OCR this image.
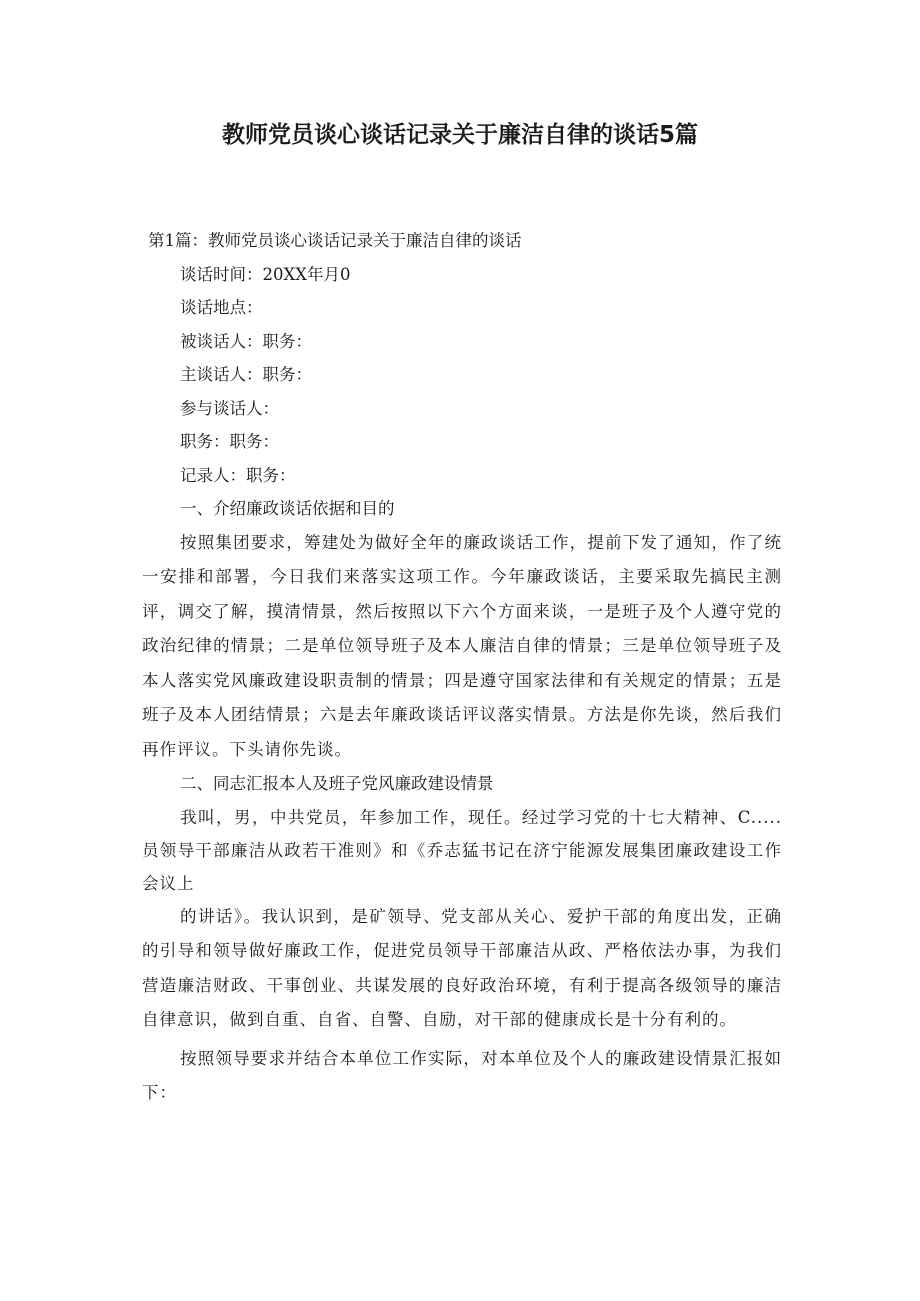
教师党员谈心谈话记录关于廉洁自律的谈话5篇

第1篇：教师党员谈心谈话记录关于廉洁自律的谈话

谈话时间：20XX年月0

谈话地点：

被谈话人：职务：

主谈话人：职务：

参与谈话人：

职务：职务：

记录人：职务：

一、介绍廉政谈话依据和目的

按照集团要求，筹建处为做好全年的廉政谈话工作，提前下发了通知，作了统一安排和部署，今日我们来落实这项工作。今年廉政谈话，主要采取先搞民主测评，调交了解，摸清情景，然后按照以下六个方面来谈，一是班子及个人遵守党的政治纪律的情景；二是单位领导班子及本人廉洁自律的情景；三是单位领导班子及本人落实党风廉政建设职责制的情景；四是遵守国家法律和有关规定的情景；五是班子及本人团结情景；六是去年廉政谈话评议落实情景。方法是你先谈，然后我们再作评议。下头请你先谈。

二、同志汇报本人及班子党风廉政建设情景

我叫，男，中共党员，年参加工作，现任。经过学习党的十七大精神、C.....员领导干部廉洁从政若干准则》和《乔志猛书记在济宁能源发展集团廉政建设工作会议上

的讲话》。我认识到，是矿领导、党支部从关心、爱护干部的角度出发，正确的引导和领导做好廉政工作，促进党员领导干部廉洁从政、严格依法办事，为我们营造廉洁财政、干事创业、共谋发展的良好政治环境，有利于提高各级领导的廉洁自律意识，做到自重、自省、自警、自励，对干部的健康成长是十分有利的。

按照领导要求并结合本单位工作实际，对本单位及个人的廉政建设情景汇报如下：
